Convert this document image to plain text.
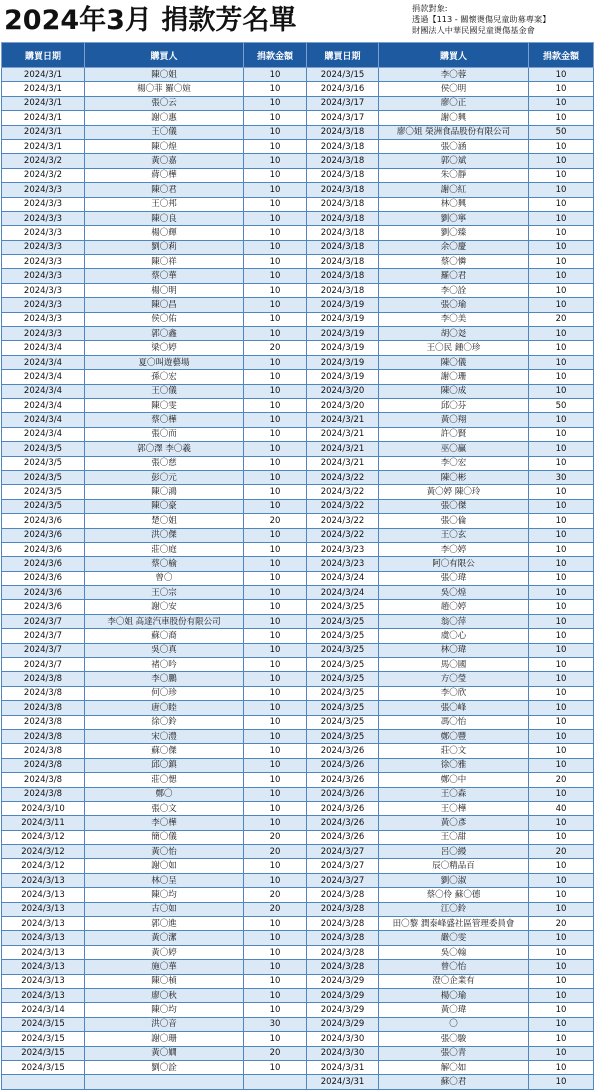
2024年3月 捐款芳名單	捐款對象:
透過【113 - 關懷燙傷兒童助募專案】
財團法人中華民國兒童燙傷基金會
購買日期	購買人	捐款金額	購買日期	購買人	捐款金額
2024/3/1	陳〇姐	10	2024/3/15	李〇蓉	10
2024/3/1	楊〇菲 羅〇媗	10	2024/3/16	侯〇明	10
2024/3/1	張〇云	10	2024/3/17	廖〇正	10
2024/3/1	謝〇惠	10	2024/3/17	謝〇興	10
2024/3/1	王〇儀	10	2024/3/18	廖〇姐 榮洲食品股份有限公司	50
2024/3/1	陳〇煌	10	2024/3/18	張〇涵	10
2024/3/2	黃〇嘉	10	2024/3/18	郭〇斌	10
2024/3/2	蔣〇樺	10	2024/3/18	朱〇靜	10
2024/3/3	陳〇君	10	2024/3/18	謝〇紅	10
2024/3/3	王〇邦	10	2024/3/18	林〇興	10
2024/3/3	陳〇良	10	2024/3/18	劉〇寧	10
2024/3/3	楊〇輝	10	2024/3/18	劉〇臻	10
2024/3/3	劉〇莉	10	2024/3/18	余〇慶	10
2024/3/3	陳〇祥	10	2024/3/18	蔡〇憐	10
2024/3/3	蔡〇華	10	2024/3/18	羅〇君	10
2024/3/3	楊〇明	10	2024/3/18	李〇詮	10
2024/3/3	陳〇昌	10	2024/3/19	張〇瑜	10
2024/3/3	侯〇佑	10	2024/3/19	李〇美	20
2024/3/3	郭〇鑫	10	2024/3/19	胡〇彣	10
2024/3/4	梁〇婷	20	2024/3/19	王〇民 鍾〇珍	10
2024/3/4	夏〇叫遊藝場	10	2024/3/19	陳〇儀	10
2024/3/4	孫〇宏	10	2024/3/19	謝〇珊	10
2024/3/4	王〇儀	10	2024/3/20	陳〇成	10
2024/3/4	陳〇雯	10	2024/3/20	邱〇芬	50
2024/3/4	蔡〇樺	10	2024/3/21	黃〇翔	10
2024/3/4	張〇而	10	2024/3/21	許〇賢	10
2024/3/5	郭〇澤 李〇羲	10	2024/3/21	巫〇贏	10
2024/3/5	張〇慈	10	2024/3/21	李〇宏	10
2024/3/5	彭〇元	10	2024/3/22	陳〇彬	30
2024/3/5	陳〇鴻	10	2024/3/22	黃〇婷 陳〇玲	10
2024/3/5	陳〇豪	10	2024/3/22	張〇傑	10
2024/3/6	楚〇姐	20	2024/3/22	張〇倫	10
2024/3/6	洪〇傑	10	2024/3/22	王〇玄	10
2024/3/6	莊〇庭	10	2024/3/23	李〇婷	10
2024/3/6	蔡〇榆	10	2024/3/23	阿〇有限公	10
2024/3/6	曾〇	10	2024/3/24	張〇瑋	10
2024/3/6	王〇宗	10	2024/3/24	吳〇煌	10
2024/3/6	謝〇安	10	2024/3/25	趙〇婷	10
2024/3/7	李〇姐 高達汽車股份有限公司	10	2024/3/25	翁〇萍	10
2024/3/7	蘇〇裔	10	2024/3/25	虞〇心	10
2024/3/7	吳〇真	10	2024/3/25	林〇瑋	10
2024/3/7	褚〇吟	10	2024/3/25	馬〇國	10
2024/3/8	李〇鵬	10	2024/3/25	方〇瑩	10
2024/3/8	何〇珍	10	2024/3/25	李〇欣	10
2024/3/8	唐〇睦	10	2024/3/25	張〇峰	10
2024/3/8	徐〇鈴	10	2024/3/25	馮〇怡	10
2024/3/8	宋〇澧	10	2024/3/25	鄭〇豐	10
2024/3/8	蘇〇傑	10	2024/3/26	莊〇文	10
2024/3/8	邱〇鎮	10	2024/3/26	徐〇雅	10
2024/3/8	莊〇愢	10	2024/3/26	鄭〇中	20
2024/3/8	鄭〇	10	2024/3/26	王〇森	10
2024/3/10	張〇文	10	2024/3/26	王〇樺	40
2024/3/11	李〇樺	10	2024/3/26	黃〇彥	10
2024/3/12	簡〇儀	20	2024/3/26	王〇甜	10
2024/3/12	黃〇怡	20	2024/3/27	呂〇縵	20
2024/3/12	謝〇如	10	2024/3/27	辰〇精品百	10
2024/3/13	林〇呈	10	2024/3/27	劉〇淑	10
2024/3/13	陳〇均	20	2024/3/28	蔡〇伶 蘇〇德	10
2024/3/13	古〇如	20	2024/3/28	江〇鈴	10
2024/3/13	郭〇進	10	2024/3/28	田〇黎 潤泰峰盛社區管理委員會	20
2024/3/13	黃〇潔	10	2024/3/28	嚴〇雯	10
2024/3/13	黃〇婷	10	2024/3/28	吳〇翰	10
2024/3/13	施〇華	10	2024/3/28	曾〇怡	10
2024/3/13	陳〇楨	10	2024/3/29	澄〇企業有	10
2024/3/13	廖〇秋	10	2024/3/29	楊〇瑜	10
2024/3/14	陳〇均	10	2024/3/29	黃〇瑋	10
2024/3/15	洪〇音	30	2024/3/29	〇	10
2024/3/15	謝〇珊	10	2024/3/30	張〇駿	10
2024/3/15	黃〇嫺	20	2024/3/30	張〇青	10
2024/3/15	劉〇詮	10	2024/3/31	解〇如	10
			2024/3/31	蘇〇君	10
